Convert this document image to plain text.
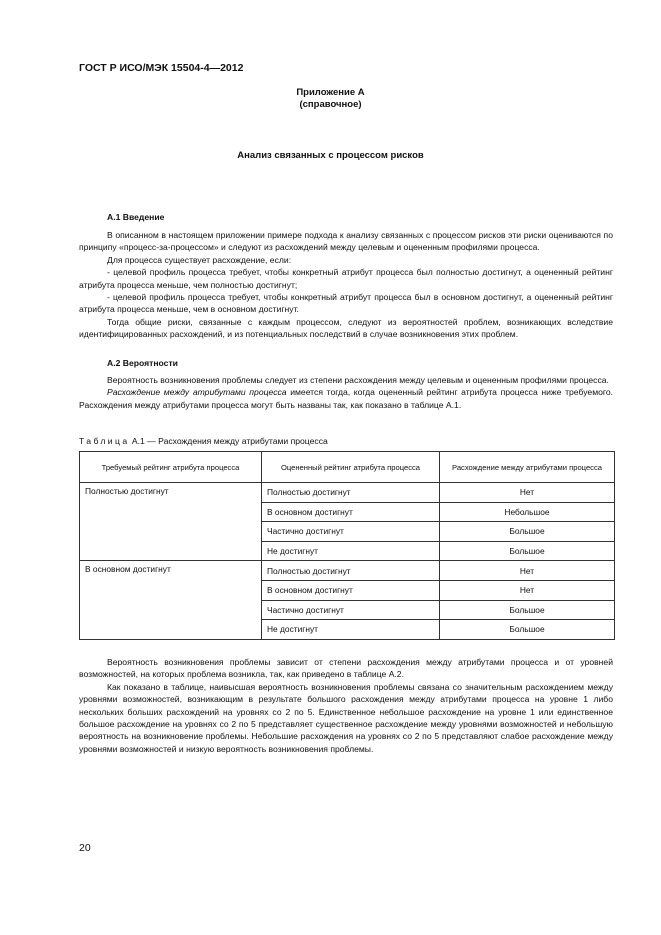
ГОСТ Р ИСО/МЭК 15504-4—2012
Приложение А
(справочное)
Анализ связанных с процессом рисков
А.1 Введение

В описанном в настоящем приложении примере подхода к анализу связанных с процессом рисков эти риски оцениваются по принципу «процесс-за-процессом» и следуют из расхождений между целевым и оцененным профилями процесса.

Для процесса существует расхождение, если:

- целевой профиль процесса требует, чтобы конкретный атрибут процесса был полностью достигнут, а оцененный рейтинг атрибута процесса меньше, чем полностью достигнут;

- целевой профиль процесса требует, чтобы конкретный атрибут процесса был в основном достигнут, а оцененный рейтинг атрибута процесса меньше, чем в основном достигнут.

Тогда общие риски, связанные с каждым процессом, следуют из вероятностей проблем, возникающих вследствие идентифицированных расхождений, и из потенциальных последствий в случае возникновения этих проблем.

А.2 Вероятности

Вероятность возникновения проблемы следует из степени расхождения между целевым и оцененным профилями процесса.

Расхождение между атрибутами процесса имеется тогда, когда оцененный рейтинг атрибута процесса ниже требуемого. Расхождения между атрибутами процесса могут быть названы так, как показано в таблице А.1.

Таблица А.1 — Расхождения между атрибутами процесса
Требуемый рейтинг атрибута процесса	Оцененный рейтинг атрибута процесса	Расхождение между атрибутами процесса
Полностью достигнут	Полностью достигнут	Нет
	В основном достигнут	Небольшое
	Частично достигнут	Большое
	Не достигнут	Большое
В основном достигнут	Полностью достигнут	Нет
	В основном достигнут	Нет
	Частично достигнут	Большое
	Не достигнут	Большое

Вероятность возникновения проблемы зависит от степени расхождения между атрибутами процесса и от уровней возможностей, на которых проблема возникла, так, как приведено в таблице А.2.

Как показано в таблице, наивысшая вероятность возникновения проблемы связана со значительным расхождением между уровнями возможностей, возникающим в результате большого расхождения между атрибутами процесса на уровне 1 либо нескольких больших расхождений на уровнях со 2 по 5. Единственное небольшое расхождение на уровне 1 или единственное большое расхождение на уровнях со 2 по 5 представляет существенное расхождение между уровнями возможностей и небольшую вероятность на возникновение проблемы. Небольшие расхождения на уровнях со 2 по 5 представляют слабое расхождение между уровнями возможностей и низкую вероятность возникновения проблемы.

20
